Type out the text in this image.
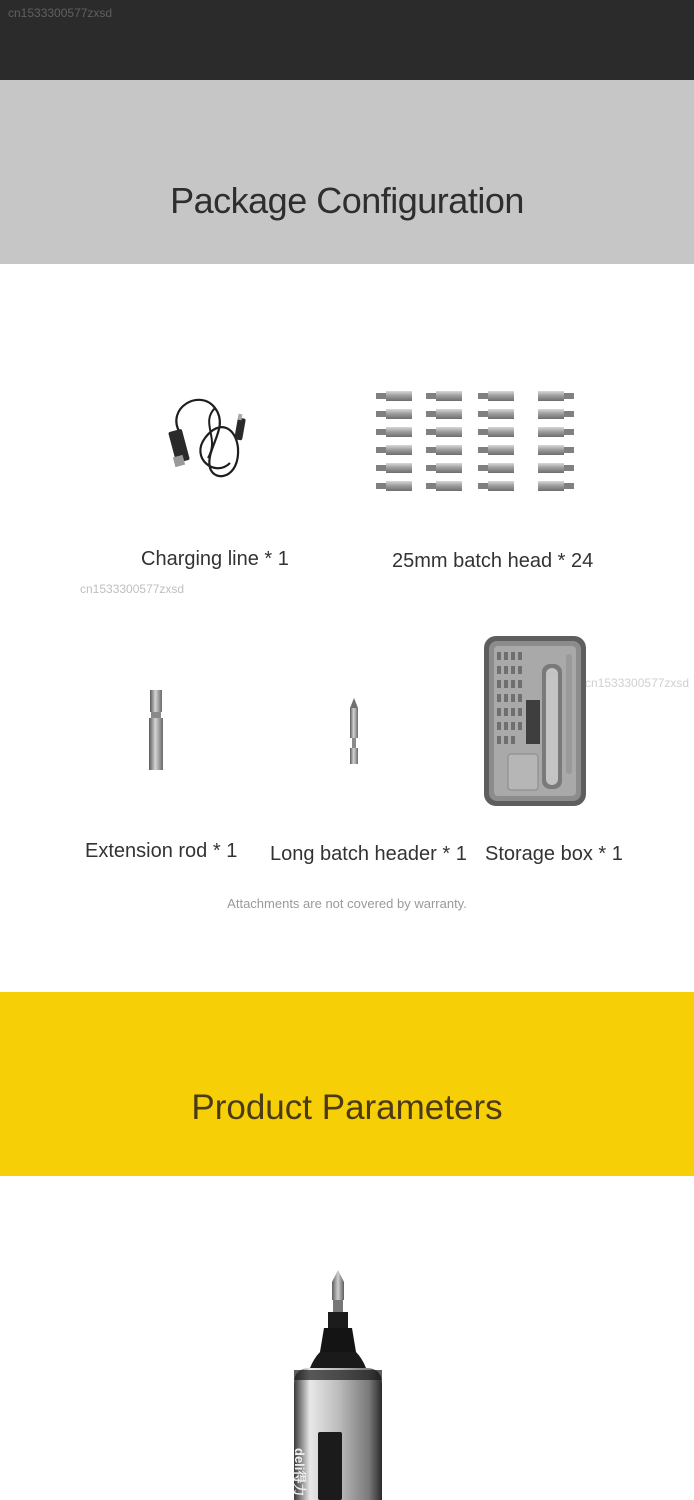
cn1533300577zxsd
Package Configuration
Charging line * 1	25mm batch head * 24
cn1533300577zxsd
Extension rod * 1 Long batch header * 1 Storage box * 1
cn1533300577zxsd
Attachments are not covered by warranty.
Product Parameters
deli得力
